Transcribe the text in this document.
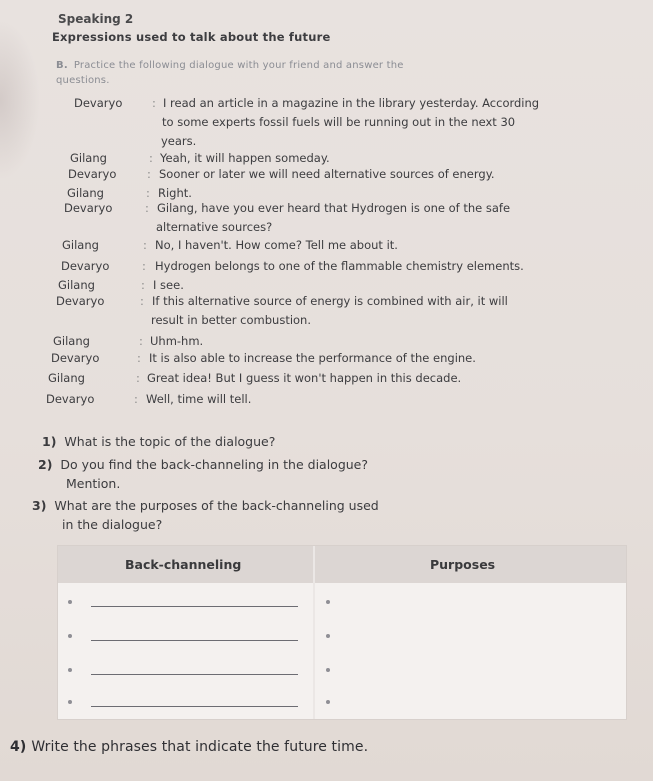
Speaking 2
Expressions used to talk about the future
B. Practice the following dialogue with your friend and answer the questions.
Devaryo	: I read an article in a magazine in the library yesterday. According
to some experts fossil fuels will be running out in the next 30
years.
Gilang	: Yeah, it will happen someday.
Devaryo	: Sooner or later we will need alternative sources of energy.
Gilang	: Right.
Devaryo	: Gilang, have you ever heard that Hydrogen is one of the safe
alternative sources?
Gilang	: No, I haven't. How come? Tell me about it.
Devaryo	: Hydrogen belongs to one of the flammable chemistry elements.
Gilang	: I see.
Devaryo	: If this alternative source of energy is combined with air, it will
result in better combustion.
Gilang	: Uhm-hm.
Devaryo	: It is also able to increase the performance of the engine.
Gilang	: Great idea! But I guess it won't happen in this decade.
Devaryo	: Well, time will tell.
1) What is the topic of the dialogue?
2) Do you find the back-channeling in the dialogue?
Mention.
3) What are the purposes of the back-channeling used
in the dialogue?
Back-channeling	Purposes
4) Write the phrases that indicate the future time.
